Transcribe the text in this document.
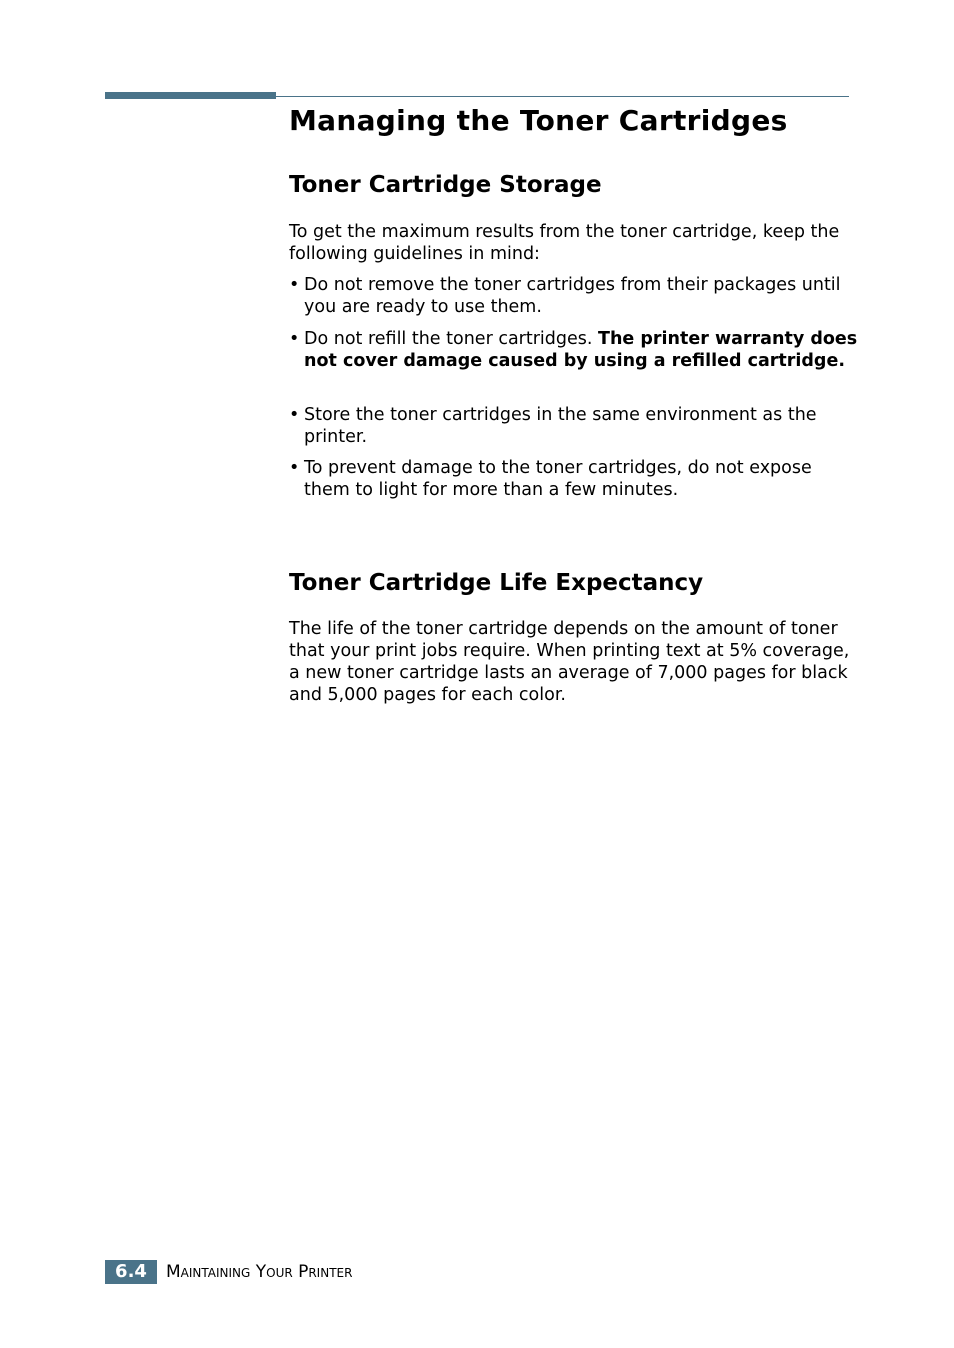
Managing the Toner Cartridges
Toner Cartridge Storage

To get the maximum results from the toner cartridge, keep the following guidelines in mind:

• Do not remove the toner cartridges from their packages until you are ready to use them.
• Do not refill the toner cartridges. The printer warranty does not cover damage caused by using a refilled cartridge.
• Store the toner cartridges in the same environment as the printer.
• To prevent damage to the toner cartridges, do not expose them to light for more than a few minutes.
Toner Cartridge Life Expectancy

The life of the toner cartridge depends on the amount of toner that your print jobs require. When printing text at 5% coverage, a new toner cartridge lasts an average of 7,000 pages for black and 5,000 pages for each color.

6.4	Maintaining Your Printer
